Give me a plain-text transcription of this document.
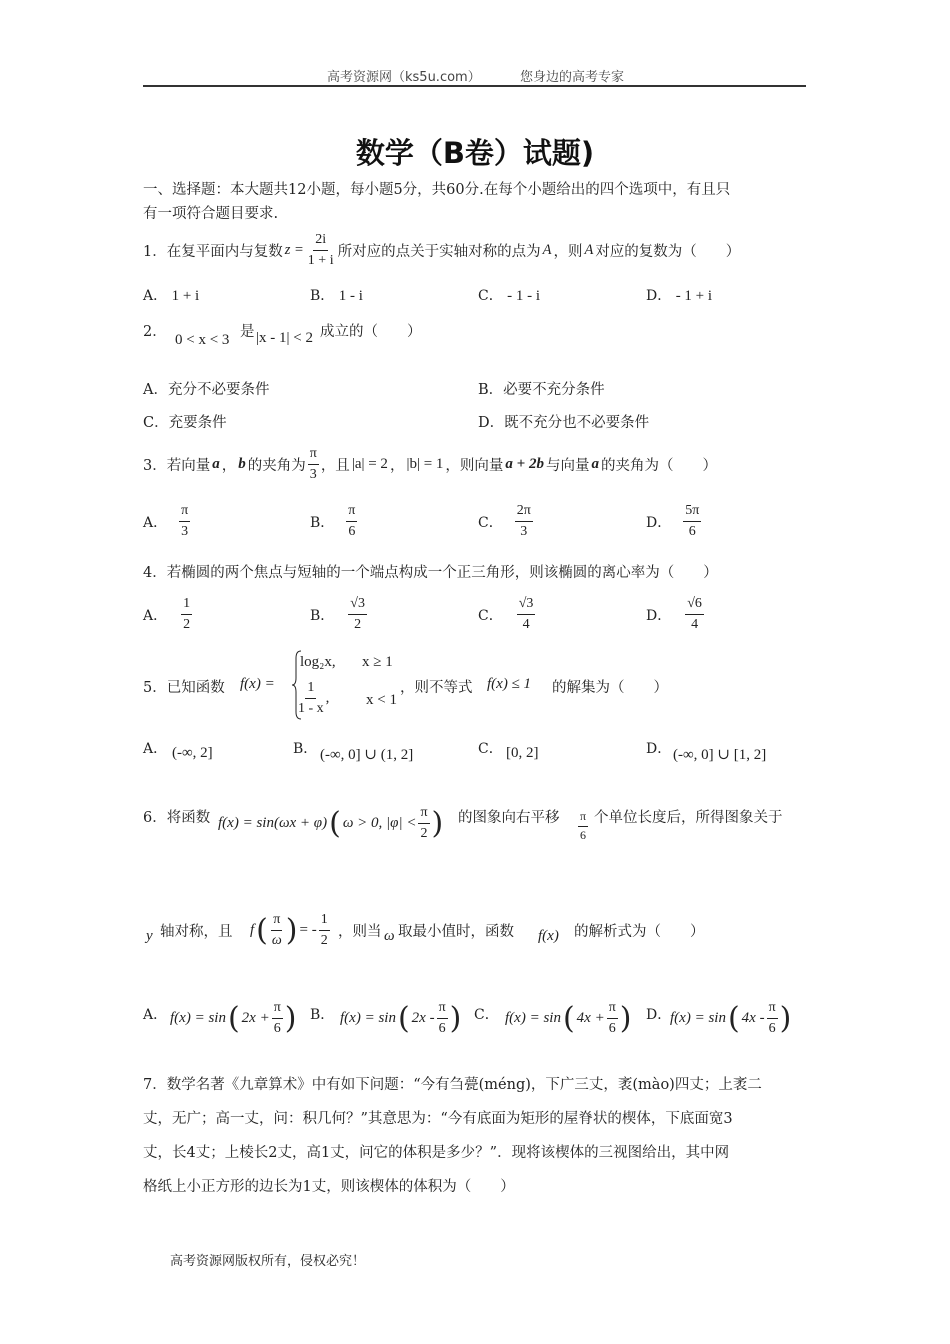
高考资源网（ks5u.com）	您身边的高考专家
数学（B卷）试题)
一、选择题：本大题共12小题，每小题5分，共60分.在每个小题给出的四个选项中，有且只
有一项符合题目要求.
1．在复平面内与复数 $z = \frac{2i}{1 + i}$ 所对应的点关于实轴对称的点为 A ，则 A 对应的复数为（　　）
A． 1 + i	B． 1 - i	C． - 1 - i	D． - 1 + i
2． 0 < x < 3 是 |x - 1| < 2 成立的（　　）
A．充分不必要条件	B．必要不充分条件
C．充要条件	D．既不充分也不必要条件
3．若向量 a ， b 的夹角为 $\frac{\pi}{3}$ ，且 |a| = 2 ， |b| = 1 ，则向量 a + 2b 与向量 a 的夹角为（　　）
A． $\frac{\pi}{3}$	B． $\frac{\pi}{6}$	C． $\frac{2\pi}{3}$	D． $\frac{5\pi}{6}$
4．若椭圆的两个焦点与短轴的一个端点构成一个正三角形，则该椭圆的离心率为（　　）
A． $\frac{1}{2}$	B． $\frac{√3}{2}$	C． $\frac{√3}{4}$	D． $\frac{√6}{4}$
5．已知函数 f(x) =
log₂x, x ≥ 1
$\frac{1}{1 - x}$ , x < 1
，则不等式 f(x) ≤ 1 的解集为（　　）
A． (-∞, 2]	B． (-∞, 0] ∪ (1, 2]	C． [0, 2]	D． (-∞, 0] ∪ [1, 2]
6．将函数 f(x) = sin(ωx + φ) ( ω > 0, $|\varphi| < \frac{\pi}{2}$ ) 的图象向右平移 $\frac{\pi}{6}$ 个单位长度后，所得图象关于
y 轴对称，且 f ( $\frac{\pi}{\omega}$ ) = - $\frac{1}{2}$ ，则当 ω 取最小值时，函数 f(x) 的解析式为（　　）
A． f(x) = sin ( $2x + \frac{\pi}{6}$ ) B． f(x) = sin ( $2x - \frac{\pi}{6}$ ) C． f(x) = sin ( $4x + \frac{\pi}{6}$ ) D．
f(x) = sin ( $4x - \frac{\pi}{6}$ )
7．数学名著《九章算术》中有如下问题：“今有刍甍(méng)，下广三丈，袤(mào)四丈；上袤二
丈，无广；高一丈，问：积几何？”其意思为：“今有底面为矩形的屋脊状的楔体，下底面宽3
丈，长4丈；上棱长2丈，高1丈，问它的体积是多少？”．现将该楔体的三视图给出，其中网
格纸上小正方形的边长为1丈，则该楔体的体积为（　　）
高考资源网版权所有，侵权必究！
